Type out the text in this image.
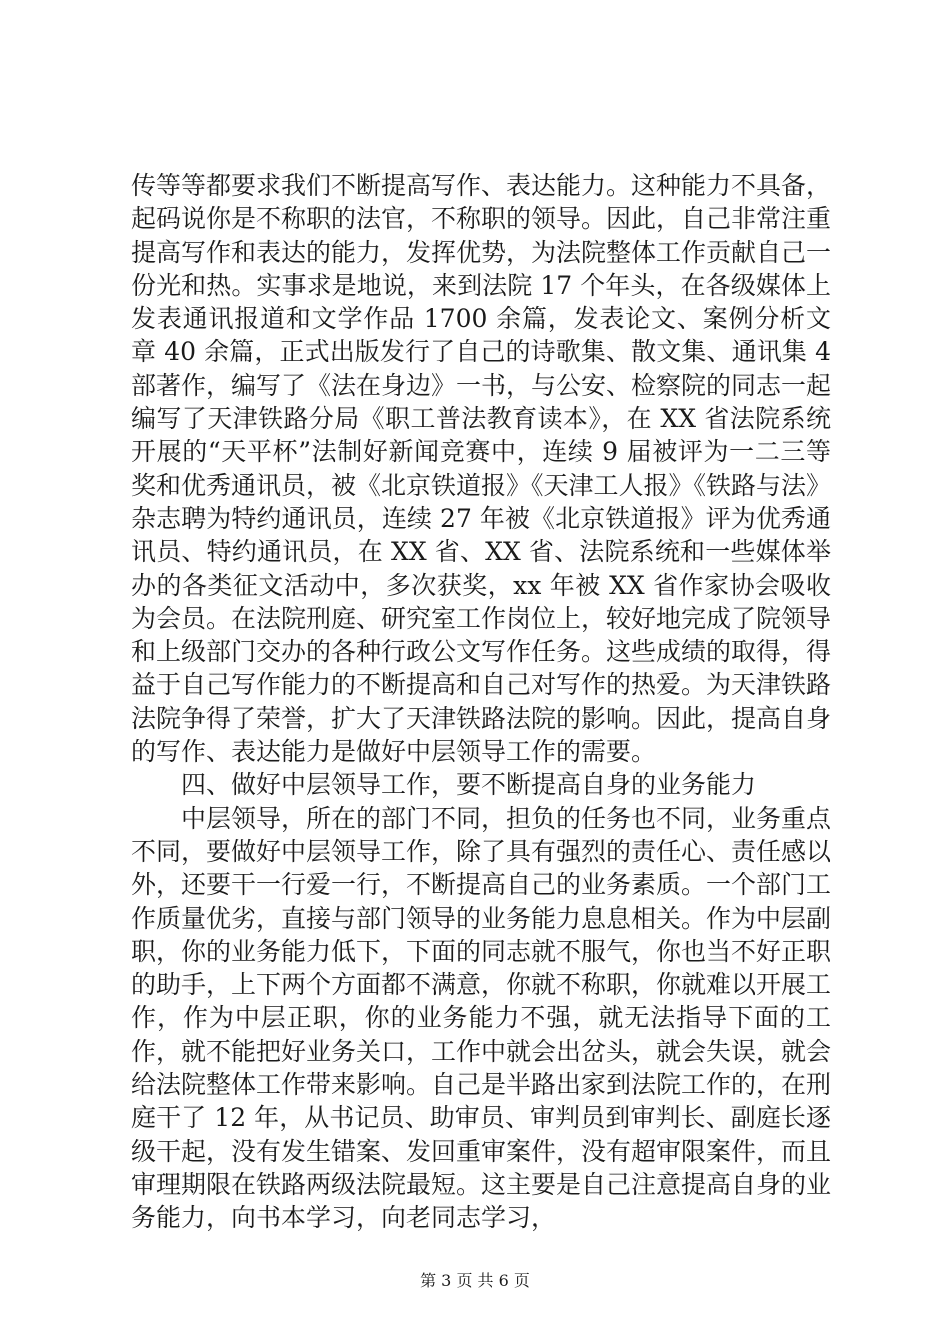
传等等都要求我们不断提高写作、表达能力。这种能力不具备，起码说你是不称职的法官，不称职的领导。因此，自己非常注重提高写作和表达的能力，发挥优势，为法院整体工作贡献自己一份光和热。实事求是地说，来到法院 17 个年头，在各级媒体上发表通讯报道和文学作品 1700 余篇，发表论文、案例分析文章 40 余篇，正式出版发行了自己的诗歌集、散文集、通讯集 4 部著作，编写了《法在身边》一书，与公安、检察院的同志一起编写了天津铁路分局《职工普法教育读本》，在 XX 省法院系统开展的“天平杯”法制好新闻竞赛中，连续 9 届被评为一二三等奖和优秀通讯员，被《北京铁道报》《天津工人报》《铁路与法》杂志聘为特约通讯员，连续 27 年被《北京铁道报》评为优秀通讯员、特约通讯员，在 XX 省、XX 省、法院系统和一些媒体举办的各类征文活动中，多次获奖，xx 年被 XX 省作家协会吸收为会员。在法院刑庭、研究室工作岗位上，较好地完成了院领导和上级部门交办的各种行政公文写作任务。这些成绩的取得，得益于自己写作能力的不断提高和自己对写作的热爱。为天津铁路法院争得了荣誉，扩大了天津铁路法院的影响。因此，提高自身的写作、表达能力是做好中层领导工作的需要。

四、做好中层领导工作，要不断提高自身的业务能力

中层领导，所在的部门不同，担负的任务也不同，业务重点不同，要做好中层领导工作，除了具有强烈的责任心、责任感以外，还要干一行爱一行，不断提高自己的业务素质。一个部门工作质量优劣，直接与部门领导的业务能力息息相关。作为中层副职，你的业务能力低下，下面的同志就不服气，你也当不好正职的助手，上下两个方面都不满意，你就不称职，你就难以开展工作，作为中层正职，你的业务能力不强，就无法指导下面的工作，就不能把好业务关口，工作中就会出岔头，就会失误，就会给法院整体工作带来影响。自己是半路出家到法院工作的，在刑庭干了 12 年，从书记员、助审员、审判员到审判长、副庭长逐级干起，没有发生错案、发回重审案件，没有超审限案件，而且审理期限在铁路两级法院最短。这主要是自己注意提高自身的业务能力，向书本学习，向老同志学习，

第 3 页 共 6 页
